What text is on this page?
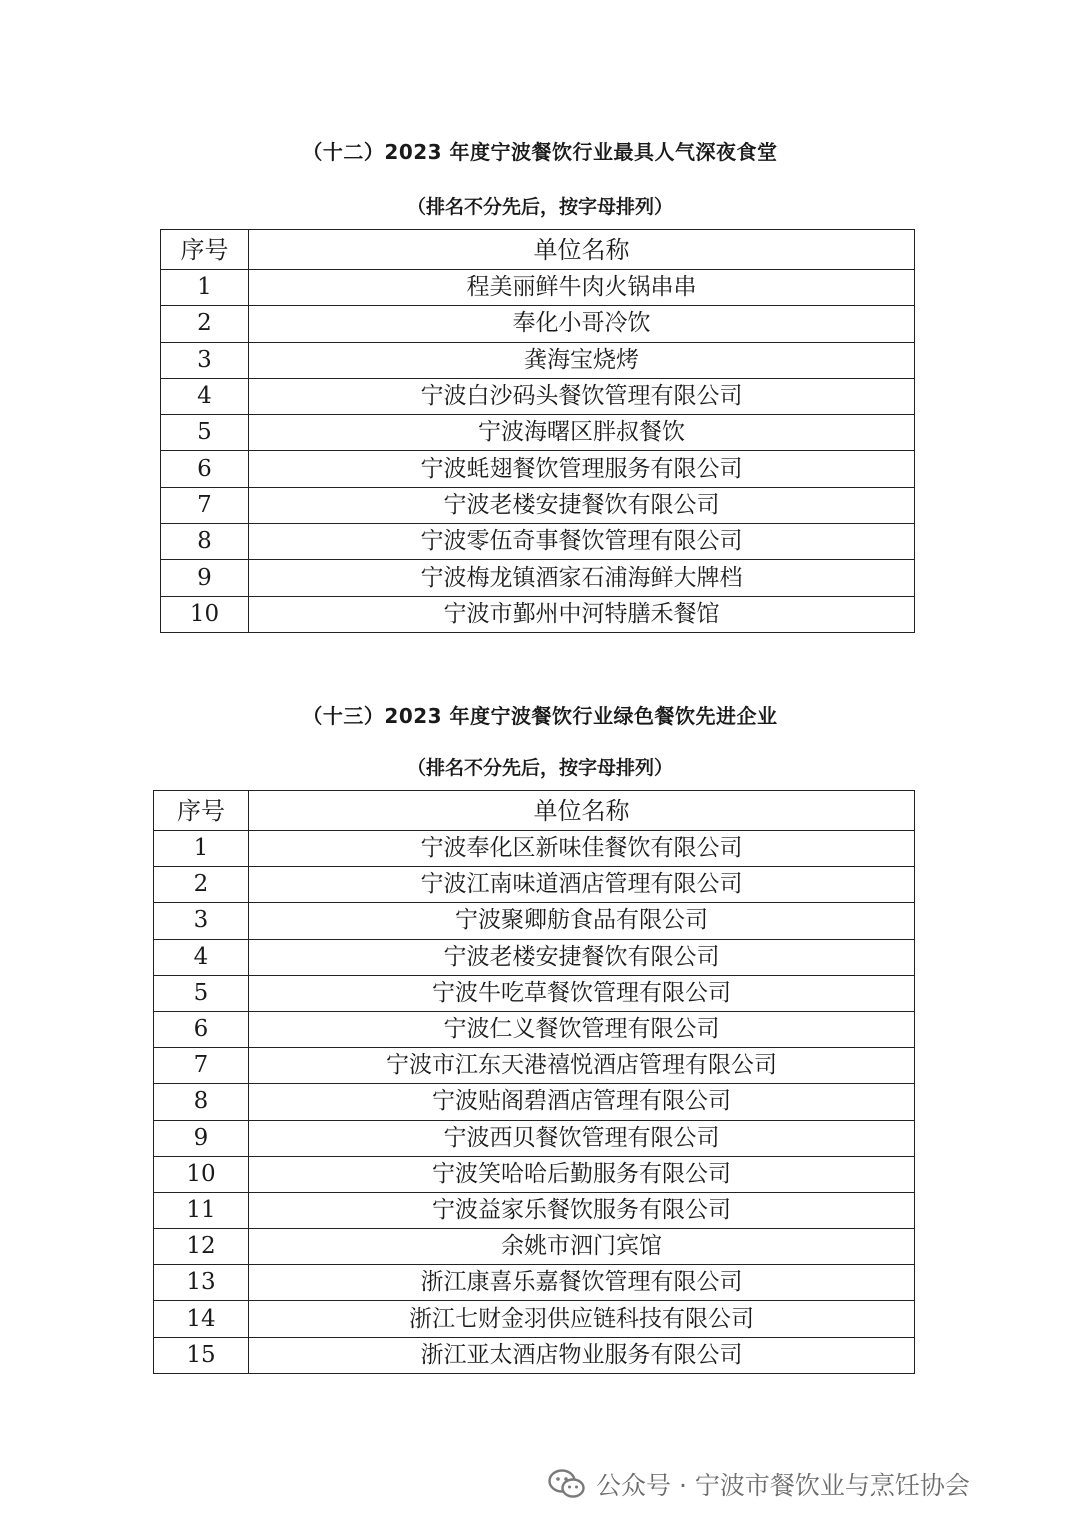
（十二）2023 年度宁波餐饮行业最具人气深夜食堂
（排名不分先后，按字母排列）
序号	单位名称
1	程美丽鲜牛肉火锅串串
2	奉化小哥冷饮
3	龚海宝烧烤
4	宁波白沙码头餐饮管理有限公司
5	宁波海曙区胖叔餐饮
6	宁波蚝翅餐饮管理服务有限公司
7	宁波老楼安捷餐饮有限公司
8	宁波零伍奇事餐饮管理有限公司
9	宁波梅龙镇酒家石浦海鲜大牌档
10	宁波市鄞州中河特膳禾餐馆
（十三）2023 年度宁波餐饮行业绿色餐饮先进企业
（排名不分先后，按字母排列）
序号	单位名称
1	宁波奉化区新味佳餐饮有限公司
2	宁波江南味道酒店管理有限公司
3	宁波聚卿舫食品有限公司
4	宁波老楼安捷餐饮有限公司
5	宁波牛吃草餐饮管理有限公司
6	宁波仁义餐饮管理有限公司
7	宁波市江东天港禧悦酒店管理有限公司
8	宁波贴阁碧酒店管理有限公司
9	宁波西贝餐饮管理有限公司
10	宁波笑哈哈后勤服务有限公司
11	宁波益家乐餐饮服务有限公司
12	余姚市泗门宾馆
13	浙江康喜乐嘉餐饮管理有限公司
14	浙江七财金羽供应链科技有限公司
15	浙江亚太酒店物业服务有限公司
公众号 · 宁波市餐饮业与烹饪协会
